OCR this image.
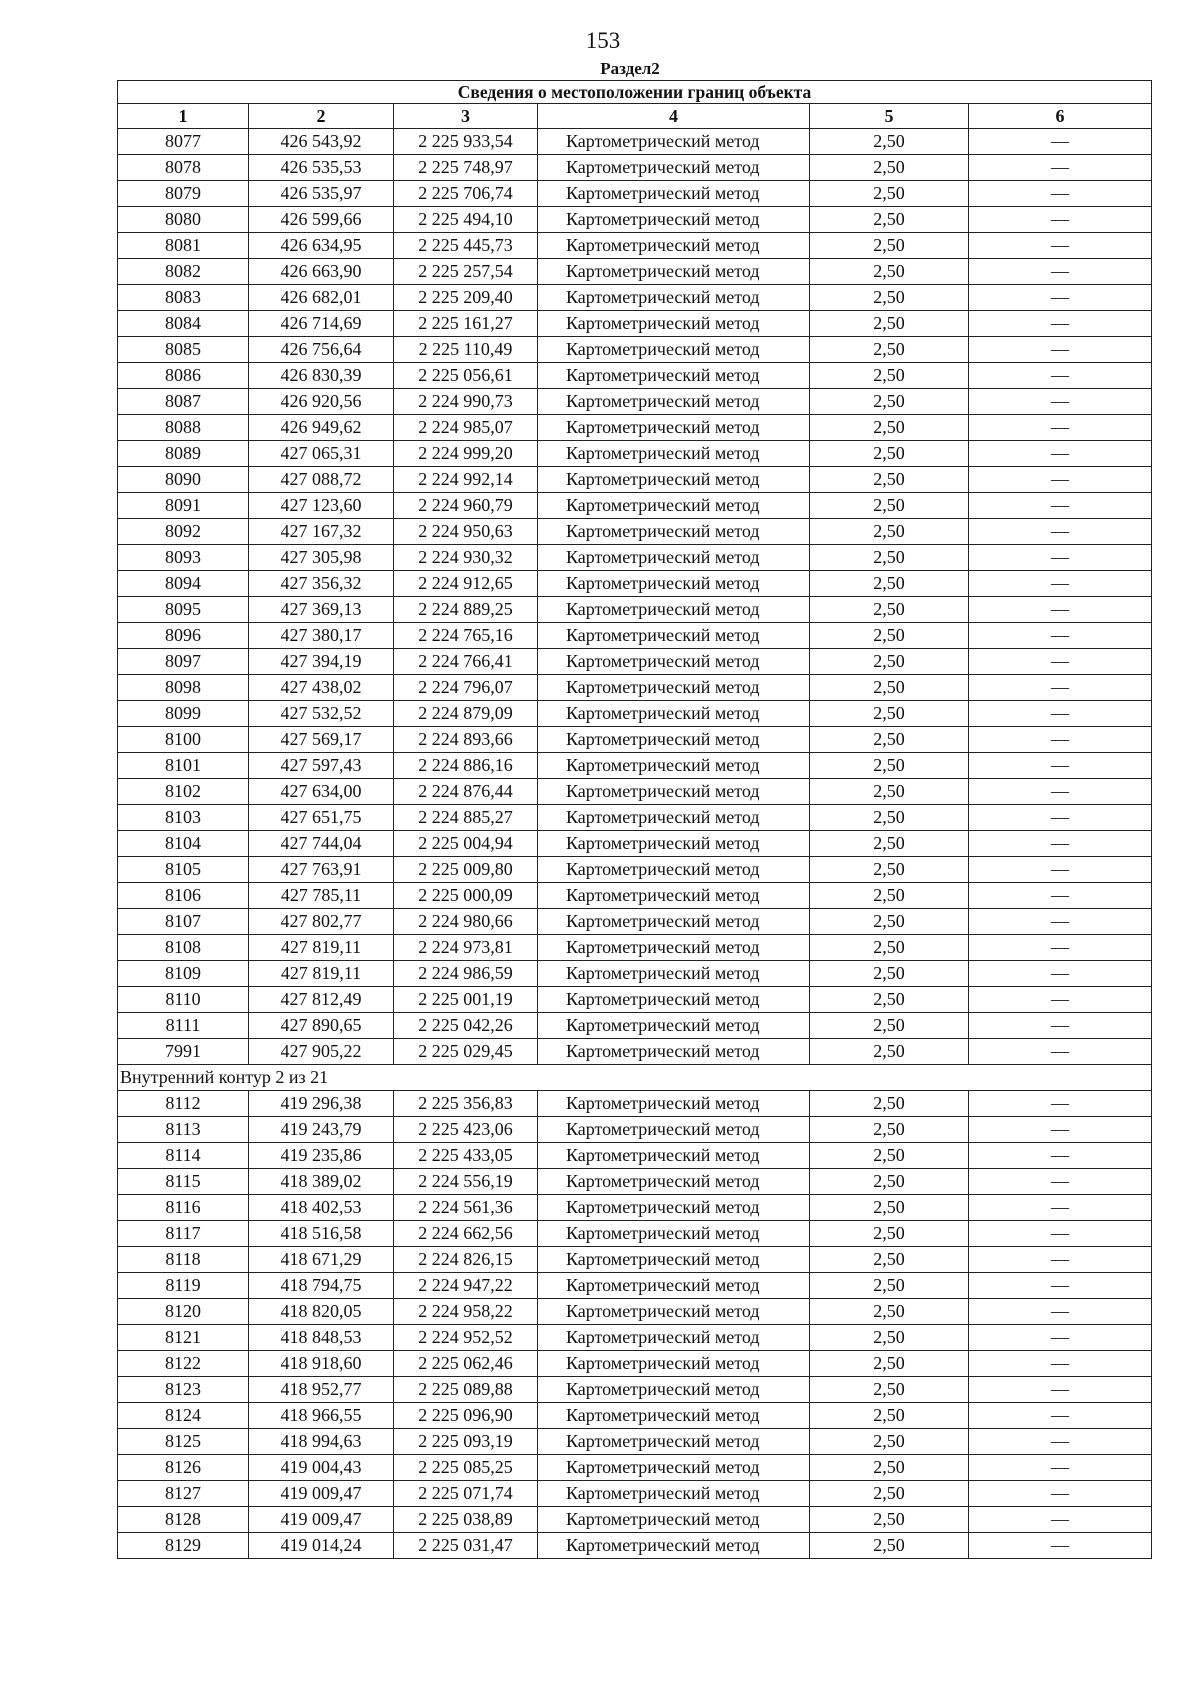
153
Раздел2
Сведения о местоположении границ объекта					
1	2	3	4	5	6
8077	426 543,92	2 225 933,54	Картометрический метод	2,50	—
8078	426 535,53	2 225 748,97	Картометрический метод	2,50	—
8079	426 535,97	2 225 706,74	Картометрический метод	2,50	—
8080	426 599,66	2 225 494,10	Картометрический метод	2,50	—
8081	426 634,95	2 225 445,73	Картометрический метод	2,50	—
8082	426 663,90	2 225 257,54	Картометрический метод	2,50	—
8083	426 682,01	2 225 209,40	Картометрический метод	2,50	—
8084	426 714,69	2 225 161,27	Картометрический метод	2,50	—
8085	426 756,64	2 225 110,49	Картометрический метод	2,50	—
8086	426 830,39	2 225 056,61	Картометрический метод	2,50	—
8087	426 920,56	2 224 990,73	Картометрический метод	2,50	—
8088	426 949,62	2 224 985,07	Картометрический метод	2,50	—
8089	427 065,31	2 224 999,20	Картометрический метод	2,50	—
8090	427 088,72	2 224 992,14	Картометрический метод	2,50	—
8091	427 123,60	2 224 960,79	Картометрический метод	2,50	—
8092	427 167,32	2 224 950,63	Картометрический метод	2,50	—
8093	427 305,98	2 224 930,32	Картометрический метод	2,50	—
8094	427 356,32	2 224 912,65	Картометрический метод	2,50	—
8095	427 369,13	2 224 889,25	Картометрический метод	2,50	—
8096	427 380,17	2 224 765,16	Картометрический метод	2,50	—
8097	427 394,19	2 224 766,41	Картометрический метод	2,50	—
8098	427 438,02	2 224 796,07	Картометрический метод	2,50	—
8099	427 532,52	2 224 879,09	Картометрический метод	2,50	—
8100	427 569,17	2 224 893,66	Картометрический метод	2,50	—
8101	427 597,43	2 224 886,16	Картометрический метод	2,50	—
8102	427 634,00	2 224 876,44	Картометрический метод	2,50	—
8103	427 651,75	2 224 885,27	Картометрический метод	2,50	—
8104	427 744,04	2 225 004,94	Картометрический метод	2,50	—
8105	427 763,91	2 225 009,80	Картометрический метод	2,50	—
8106	427 785,11	2 225 000,09	Картометрический метод	2,50	—
8107	427 802,77	2 224 980,66	Картометрический метод	2,50	—
8108	427 819,11	2 224 973,81	Картометрический метод	2,50	—
8109	427 819,11	2 224 986,59	Картометрический метод	2,50	—
8110	427 812,49	2 225 001,19	Картометрический метод	2,50	—
8111	427 890,65	2 225 042,26	Картометрический метод	2,50	—
7991	427 905,22	2 225 029,45	Картометрический метод	2,50	—
Внутренний контур 2 из 21					
8112	419 296,38	2 225 356,83	Картометрический метод	2,50	—
8113	419 243,79	2 225 423,06	Картометрический метод	2,50	—
8114	419 235,86	2 225 433,05	Картометрический метод	2,50	—
8115	418 389,02	2 224 556,19	Картометрический метод	2,50	—
8116	418 402,53	2 224 561,36	Картометрический метод	2,50	—
8117	418 516,58	2 224 662,56	Картометрический метод	2,50	—
8118	418 671,29	2 224 826,15	Картометрический метод	2,50	—
8119	418 794,75	2 224 947,22	Картометрический метод	2,50	—
8120	418 820,05	2 224 958,22	Картометрический метод	2,50	—
8121	418 848,53	2 224 952,52	Картометрический метод	2,50	—
8122	418 918,60	2 225 062,46	Картометрический метод	2,50	—
8123	418 952,77	2 225 089,88	Картометрический метод	2,50	—
8124	418 966,55	2 225 096,90	Картометрический метод	2,50	—
8125	418 994,63	2 225 093,19	Картометрический метод	2,50	—
8126	419 004,43	2 225 085,25	Картометрический метод	2,50	—
8127	419 009,47	2 225 071,74	Картометрический метод	2,50	—
8128	419 009,47	2 225 038,89	Картометрический метод	2,50	—
8129	419 014,24	2 225 031,47	Картометрический метод	2,50	—
